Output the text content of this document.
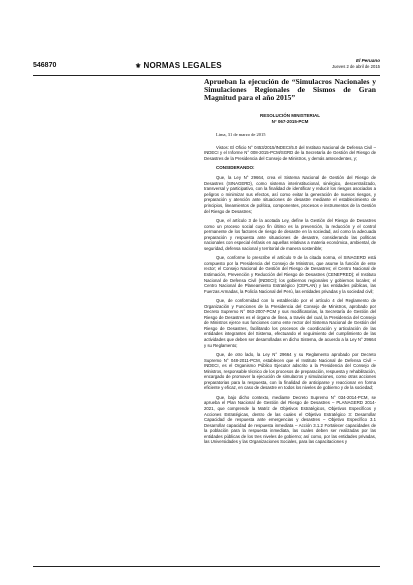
546870	⚜ NORMAS LEGALES
El Peruano
Jueves 2 de abril de 2015

Aprueban la ejecución de “Simulacros Nacionales y Simulaciones Regionales de Sismos de Gran Magnitud para el año 2015”

RESOLUCIÓN MINISTERIAL

N° 067-2015-PCM

Lima, 31 de marzo de 2015

Vistos: El Oficio N° 0453/2015/INDECI/5.0 del Instituto Nacional de Defensa Civil – INDECI y el Informe N° 008-2015-PCM/SGRD de la Secretaría de Gestión del Riesgo de Desastres de la Presidencia del Consejo de Ministros, y demás antecedentes, y;

CONSIDERANDO:

Que, la Ley N° 29664, crea el Sistema Nacional de Gestión del Riesgo de Desastres (SINAGERD), como sistema interinstitucional, sinérgico, descentralizado, transversal y participativo, con la finalidad de identificar y reducir los riesgos asociados a peligros o minimizar sus efectos, así como evitar la generación de nuevos riesgos, y preparación y atención ante situaciones de desastre mediante el establecimiento de principios, lineamientos de política, componentes, procesos e instrumentos de la Gestión del Riesgo de Desastres;

Que, el artículo 3 de la acotada Ley, define la Gestión del Riesgo de Desastres como un proceso social cuyo fin último es la prevención, la reducción y el control permanente de los factores de riesgo de desastre en la sociedad, así como la adecuada preparación y respuesta ante situaciones de desastre, considerando las políticas nacionales con especial énfasis en aquellas relativas a materia económica, ambiental, de seguridad, defensa nacional y territorial de manera sostenible;

Que, conforme lo prescribe el artículo 9 de la citada norma, el SINAGERD está compuesto por la Presidencia del Consejo de Ministros, que asume la función de ente rector; el Consejo Nacional de Gestión del Riesgo de Desastres; el Centro Nacional de Estimación, Prevención y Reducción del Riesgo de Desastres (CENEPRED); el Instituto Nacional de Defensa Civil (INDECI); los gobiernos regionales y gobiernos locales; el Centro Nacional de Planeamiento Estratégico (CEPLAN) y las entidades públicas, las Fuerzas Armadas, la Policía Nacional del Perú, las entidades privadas y la sociedad civil;

Que, de conformidad con lo establecido por el artículo 4 del Reglamento de Organización y Funciones de la Presidencia del Consejo de Ministros, aprobado por Decreto Supremo N° 063-2007-PCM y sus modificatorias, la Secretaría de Gestión del Riesgo de Desastres es el órgano de línea, a través del cual, la Presidencia del Consejo de Ministros ejerce sus funciones como ente rector del Sistema Nacional de Gestión del Riesgo de Desastres, facilitando los procesos de coordicación y articulación de las entidades integrantes del Sistema, efectuando el seguimiento del cumplimiento de las actividades que deben ser desarrolladas en dicho Sistema, de acuerdo a la Ley N° 29664 y su Reglamento;

Que, de otro lado, la Ley N° 29664 y su Reglamento aprobado por Decreto Supremo N° 048-2011-PCM, establecen que el Instituto Nacional de Defensa Civil – INDECI, es el Organismo Público Ejecutor adscrito a la Presidencia del Consejo de Ministros, responsable técnico de los procesos de preparación, respuesta y rehabilitación, encargado de promover la ejecución de simulacros y simulaciones, como otras acciones preparatorias para la respuesta, con la finalidad de anticiparse y reaccionar en forma eficiente y eficaz, en caso de desastre en todos los niveles de gobierno y de la sociedad;

Que, bajo dicho contexto, mediante Decreto Supremo N° 034-2014-PCM, se aprueba el Plan Nacional de Gestión del Riesgo de Desastres – PLANAGERD 2014-2021, que comprende la Matriz de Objetivos Estratégicos, Objetivos Específicos y Acciones Estratégicas, dentro de las cuales el Objetivo Estratégico 3: Desarrollar Capacidad de respuesta ante emergencias y desastres – Objetivo Específico 3.1 Desarrollar capacidad de respuesta inmediata – Acción 3.1.2 Fortalecer capacidades de la población para la respuesta inmediata, las cuales deben ser realizadas por las entidades públicas de los tres niveles de gobierno; así como, por las entidades privadas, las Universidades y las Organizaciones Sociales, para las capacitaciones y
